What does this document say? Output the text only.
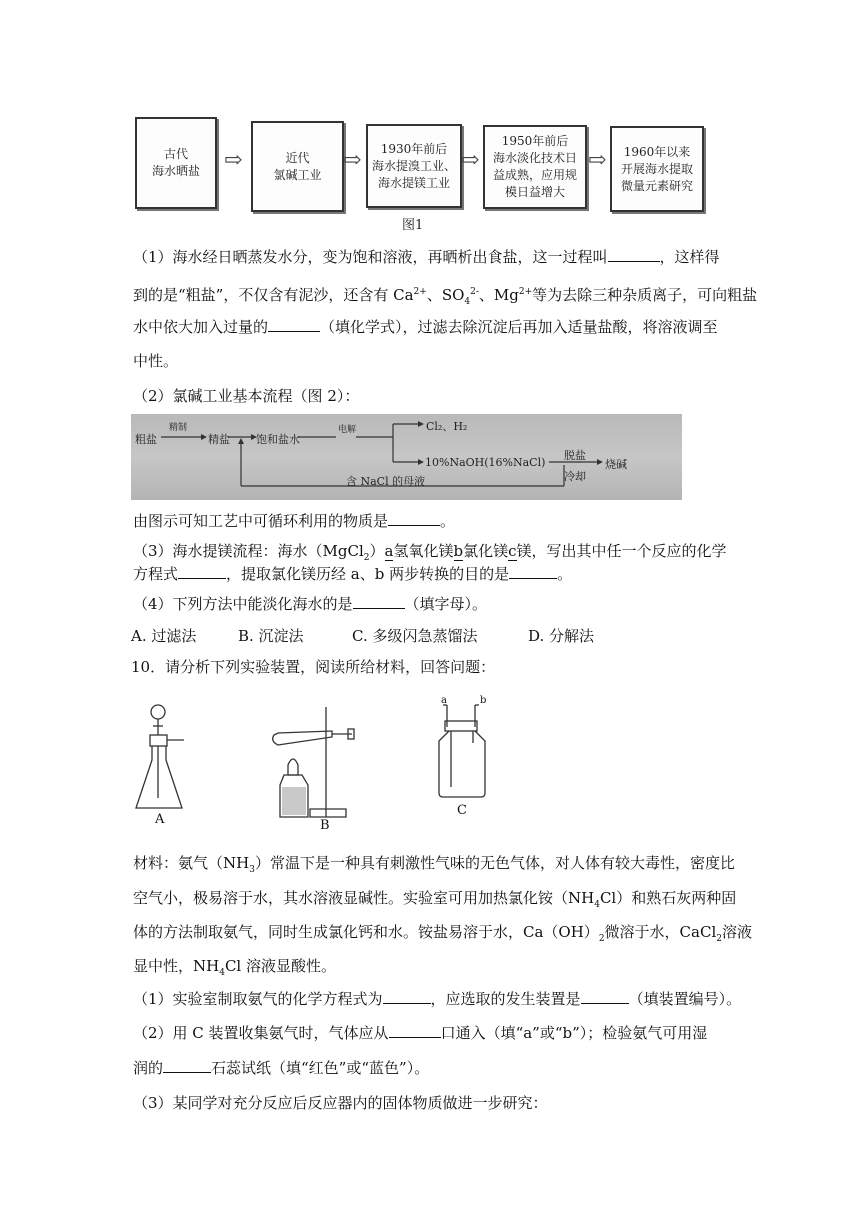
古代
海水晒盐 ⇨	近代
氯碱工业
⇨	1930年前后
海水提溴工业、
海水提镁工业
⇨
1950年前后
海水淡化技术日
益成熟，应用规
模日益增大
⇨ 1960年以来
开展海水提取
微量元素研究
图1
（1）海水经日晒蒸发水分，变为饱和溶液，再晒析出食盐，这一过程叫	，这样得
到的是“粗盐”，不仅含有泥沙，还含有 $Ca^{2+}$、$SO_4^{2-}$、$Mg^{2+}$等为去除三种杂质离子，可向粗盐
水中依大加入过量的	（填化学式），过滤去除沉淀后再加入适量盐酸，将溶液调至
中性。
（2）氯碱工业基本流程（图 2）：
粗盐
精制
精盐 饱和盐水
电解	Cl₂、H₂
10%NaOH(16%NaCl)
脱盐
冷却
烧碱
含 NaCl 的母液
由图示可知工艺中可循环利用的物质是	。
（3）海水提镁流程：海水（MgCl$_2$）a氢氧化镁b氯化镁c镁，写出其中任一个反应的化学
方程式	，提取氯化镁历经 a、b 两步转换的目的是	。
（4）下列方法中能淡化海水的是	（填字母）。
A. 过滤法	B. 沉淀法	C. 多级闪急蒸馏法	D. 分解法
10．请分析下列实验装置，阅读所给材料，回答问题：
A	B
a	b
C
材料：氨气$(NH_3)$常温下是一种具有刺激性气味的无色气体，对人体有较大毒性，密度比
空气小，极易溶于水，其水溶液显碱性。实验室可用加热氯化铵$(NH_4Cl)$和熟石灰两种固
体的方法制取氨气，同时生成氯化钙和水。铵盐易溶于水，$Ca(OH)_2$微溶于水，CaCl$_2$溶液
显中性，$NH_4Cl$ 溶液显酸性。
（1）实验室制取氨气的化学方程式为	，应选取的发生装置是	（填装置编号）。
（2）用 C 装置收集氨气时，气体应从	口通入（填“a”或“b”）；检验氨气可用湿
润的	石蕊试纸（填“红色”或“蓝色”）。
（3）某同学对充分反应后反应器内的固体物质做进一步研究：
